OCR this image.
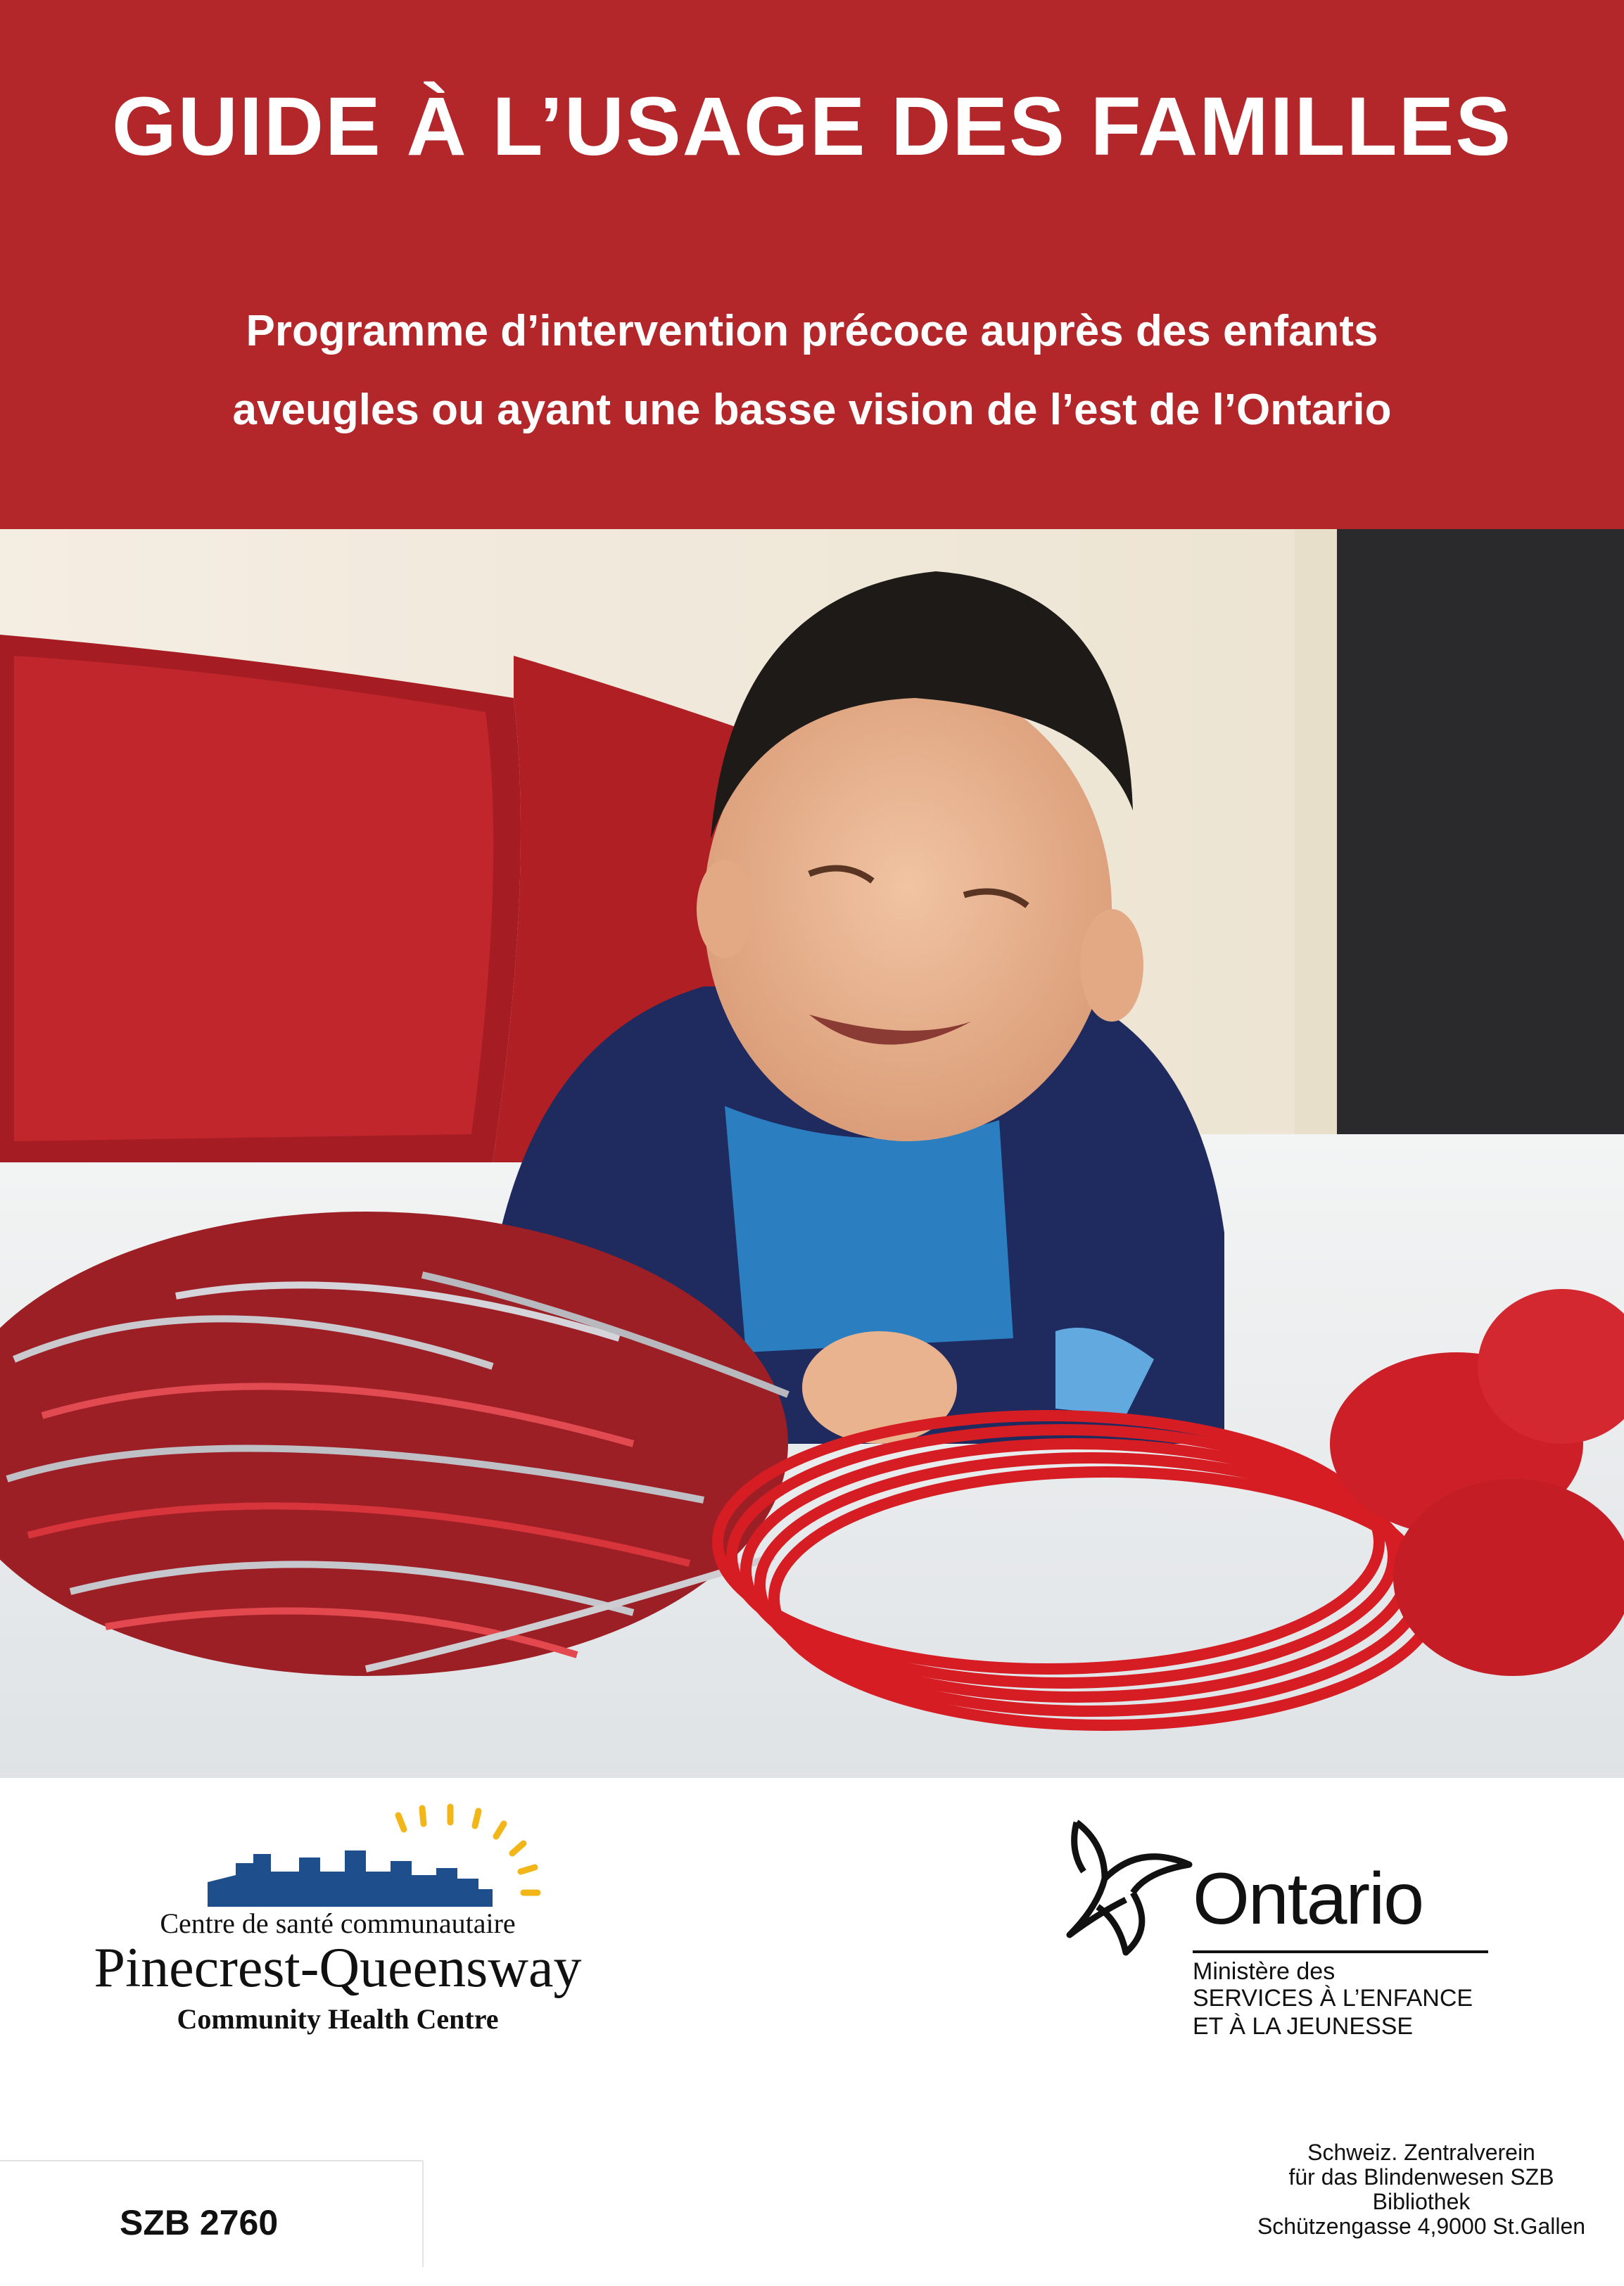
GUIDE À L’USAGE DES FAMILLES
Programme d’intervention précoce auprès des enfants
aveugles ou ayant une basse vision de l’est de l’Ontario
Centre de santé communautaire
Pinecrest-Queensway
Community Health Centre
Ontario
Ministère des
SERVICES À L’ENFANCE
ET À LA JEUNESSE
SZB 2760
Schweiz. Zentralverein
für das Blindenwesen SZB
Bibliothek
Schützengasse 4,9000 St.Gallen
